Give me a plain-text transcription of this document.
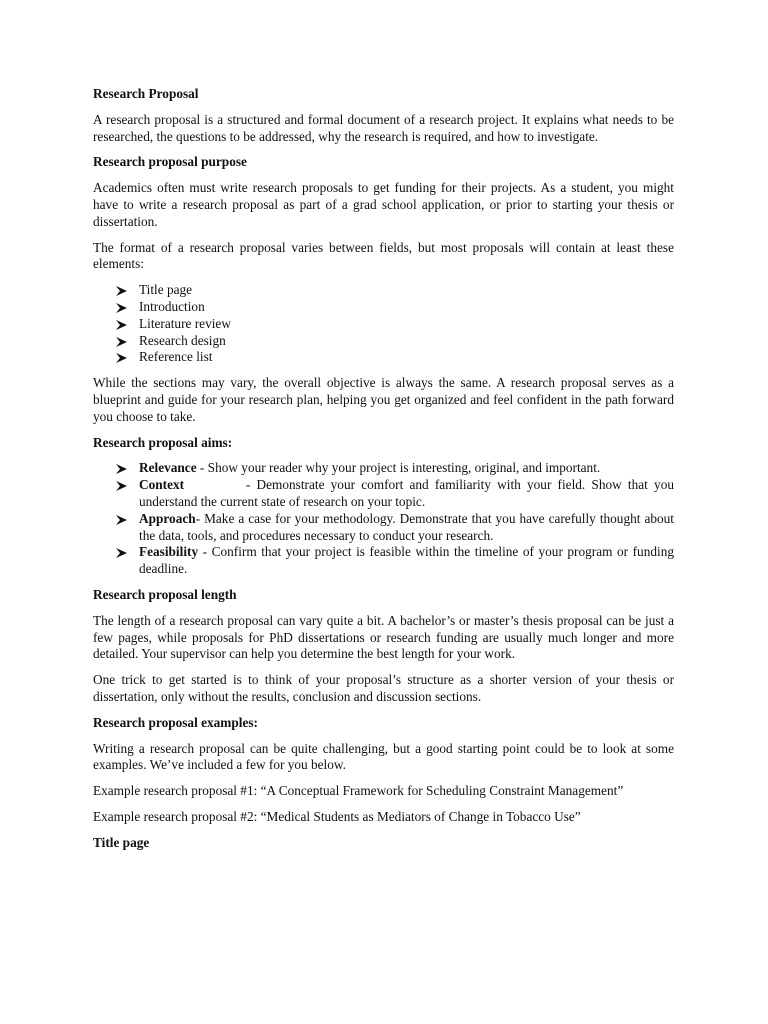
Research Proposal

A research proposal is a structured and formal document of a research project. It explains what needs to be researched, the questions to be addressed, why the research is required, and how to investigate.

Research proposal purpose

Academics often must write research proposals to get funding for their projects. As a student, you might have to write a research proposal as part of a grad school application, or prior to starting your thesis or dissertation.

The format of a research proposal varies between fields, but most proposals will contain at least these elements:

Title page
Introduction
Literature review
Research design
Reference list

While the sections may vary, the overall objective is always the same. A research proposal serves as a blueprint and guide for your research plan, helping you get organized and feel confident in the path forward you choose to take.

Research proposal aims:
Relevance - Show your reader why your project is interesting, original, and important.
Context          - Demonstrate your comfort and familiarity with your field. Show that you understand the current state of research on your topic.
Approach- Make a case for your methodology. Demonstrate that you have carefully thought about the data, tools, and procedures necessary to conduct your research.
Feasibility - Confirm that your project is feasible within the timeline of your program or funding deadline.
Research proposal length

The length of a research proposal can vary quite a bit. A bachelor’s or master’s thesis proposal can be just a few pages, while proposals for PhD dissertations or research funding are usually much longer and more detailed. Your supervisor can help you determine the best length for your work.

One trick to get started is to think of your proposal’s structure as a shorter version of your thesis or dissertation, only without the results, conclusion and discussion sections.

Research proposal examples:

Writing a research proposal can be quite challenging, but a good starting point could be to look at some examples. We’ve included a few for you below.

Example research proposal #1: “A Conceptual Framework for Scheduling Constraint Management”

Example research proposal #2: “Medical Students as Mediators of Change in Tobacco Use”

Title page
